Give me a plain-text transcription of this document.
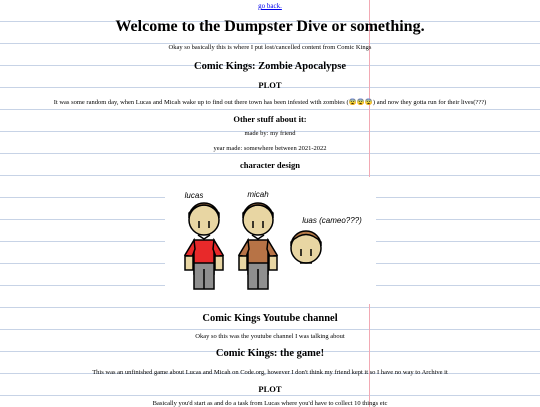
go back.
Welcome to the Dumpster Dive or something.
Okay so basically this is where I put lost/cancelled content from Comic Kings
Comic Kings: Zombie Apocalypse
PLOT
It was some random day, when Lucas and Micah wake up to find out there town has been infested with zombies (😨😨😨) and now they gotta run for their lives(???)
Other stuff about it:
made by: my friend
year made: somewhere between 2021-2022
character design
lucas	micah
luas (cameo???)
Comic Kings Youtube channel
Okay so this was the youtube channel I was talking about
Comic Kings: the game!
This was an unfinished game about Lucas and Micah on Code.org, however I don't think my friend kept it so I have no way to Archive it
PLOT
Basically you'd start as and do a task from Lucas where you'd have to collect 10 things etc
